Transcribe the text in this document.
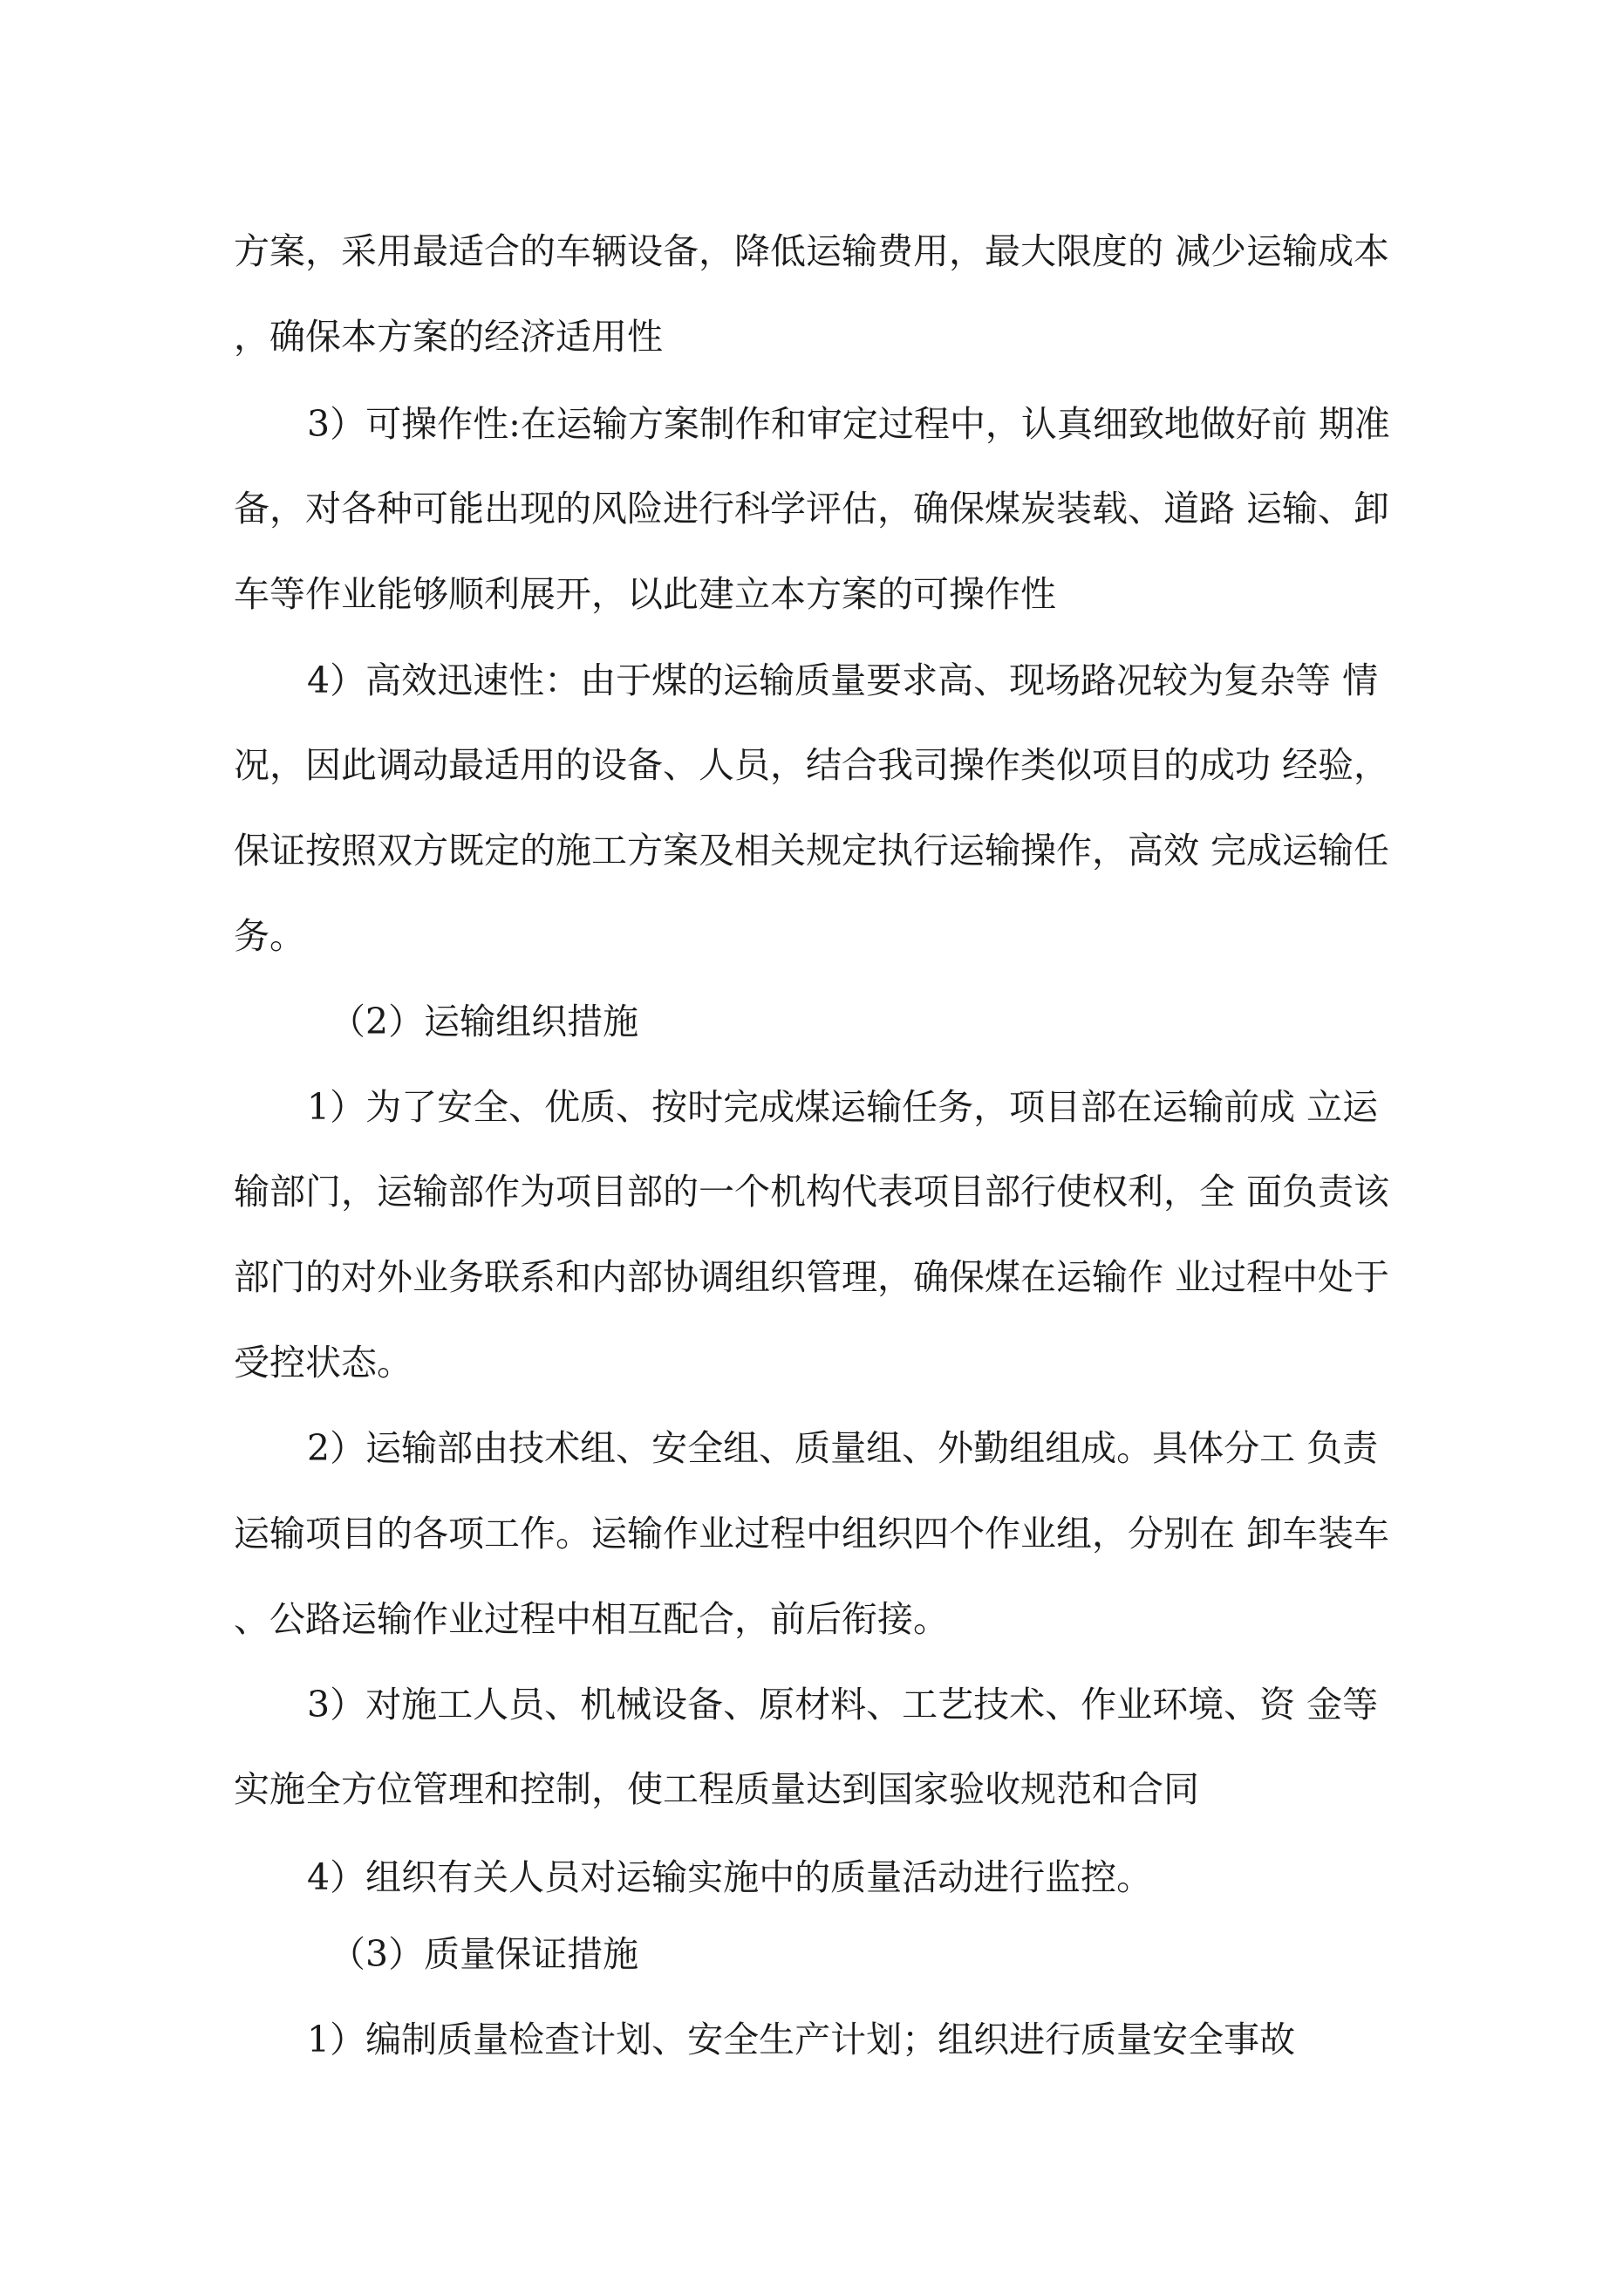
方案，采用最适合的车辆设备，降低运输费用，最大限度的 减少运输成本
，确保本方案的经济适用性
3）可操作性:在运输方案制作和审定过程中，认真细致地做好前 期准
备，对各种可能出现的风险进行科学评估，确保煤炭装载、道路 运输、卸
车等作业能够顺利展开，以此建立本方案的可操作性
4）高效迅速性：由于煤的运输质量要求高、现场路况较为复杂等 情
况，因此调动最适用的设备、人员，结合我司操作类似项目的成功 经验，
保证按照双方既定的施工方案及相关规定执行运输操作，高效 完成运输任
务。
（2）运输组织措施
1）为了安全、优质、按时完成煤运输任务，项目部在运输前成 立运
输部门，运输部作为项目部的一个机构代表项目部行使权利，全 面负责该
部门的对外业务联系和内部协调组织管理，确保煤在运输作 业过程中处于
受控状态。
2）运输部由技术组、安全组、质量组、外勤组组成。具体分工 负责
运输项目的各项工作。运输作业过程中组织四个作业组，分别在 卸车装车
、公路运输作业过程中相互配合，前后衔接。
3）对施工人员、机械设备、原材料、工艺技术、作业环境、资 金等
实施全方位管理和控制，使工程质量达到国家验收规范和合同
4）组织有关人员对运输实施中的质量活动进行监控。
（3）质量保证措施
1）编制质量检查计划、安全生产计划；组织进行质量安全事故
